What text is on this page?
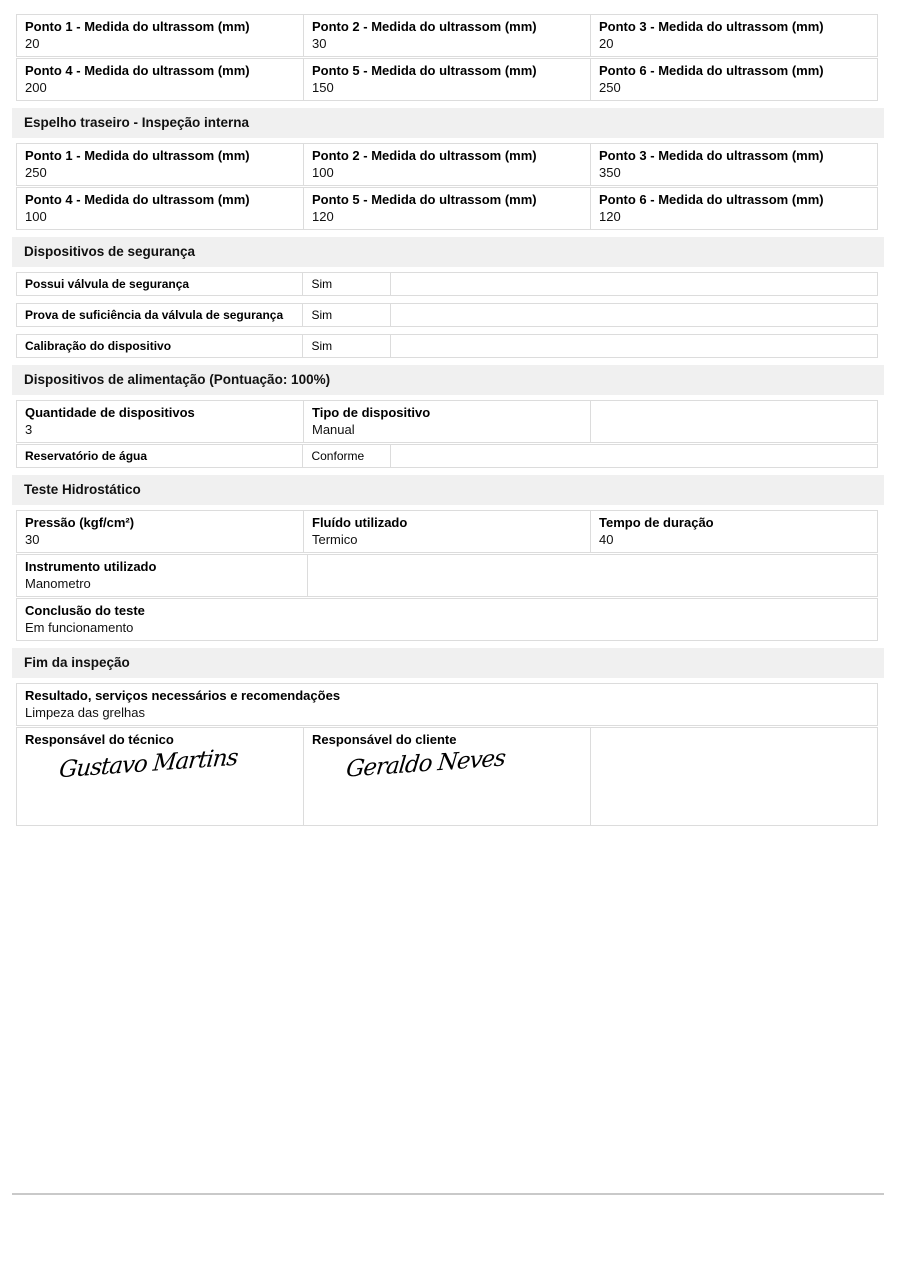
Ponto 1 - Medida do ultrassom (mm)
20
Ponto 2 - Medida do ultrassom (mm)
30
Ponto 3 - Medida do ultrassom (mm)
20
Ponto 4 - Medida do ultrassom (mm)
200
Ponto 5 - Medida do ultrassom (mm)
150
Ponto 6 - Medida do ultrassom (mm)
250
Espelho traseiro - Inspeção interna
Ponto 1 - Medida do ultrassom (mm)
250
Ponto 2 - Medida do ultrassom (mm)
100
Ponto 3 - Medida do ultrassom (mm)
350
Ponto 4 - Medida do ultrassom (mm)
100
Ponto 5 - Medida do ultrassom (mm)
120
Ponto 6 - Medida do ultrassom (mm)
120
Dispositivos de segurança
Possui válvula de segurança	Sim
Prova de suficiência da válvula de segurança	Sim
Calibração do dispositivo	Sim
Dispositivos de alimentação (Pontuação: 100%)
Quantidade de dispositivos
3
Tipo de dispositivo
Manual
Reservatório de água	Conforme
Teste Hidrostático
Pressão (kgf/cm²)
30
Fluído utilizado
Termico
Tempo de duração
40
Instrumento utilizado
Manometro
Conclusão do teste
Em funcionamento
Fim da inspeção
Resultado, serviços necessários e recomendações
Limpeza das grelhas
Responsável do técnico
Gustavo Martins
Responsável do cliente
Geraldo Neves
